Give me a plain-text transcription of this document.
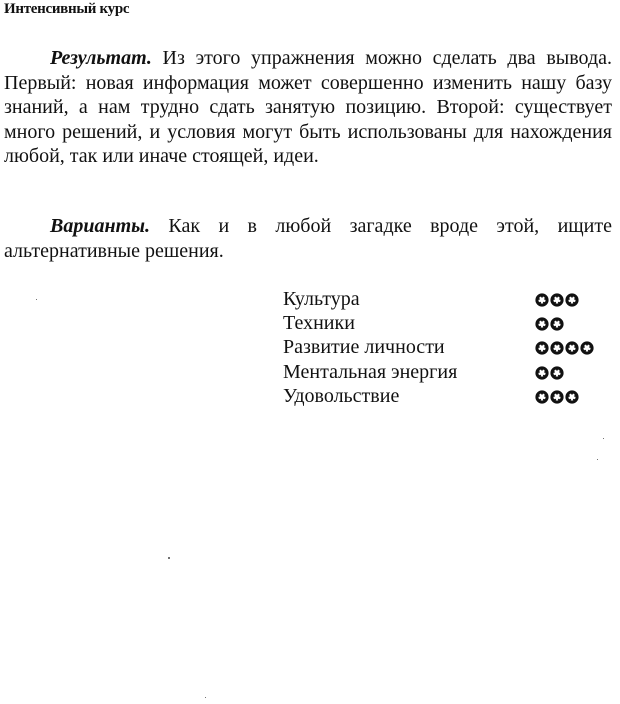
Интенсивный курс

Результат. Из этого упражнения можно сделать два вывода. Первый: новая информация может совершенно изменить нашу базу знаний, а нам трудно сдать занятую позицию. Второй: существует много решений, и условия могут быть использованы для нахождения любой, так или иначе стоящей, идеи.

Варианты. Как и в любой загадке вроде этой, ищите альтернативные решения.

Культура
Техники
Развитие личности
Ментальная энергия
Удовольствие
